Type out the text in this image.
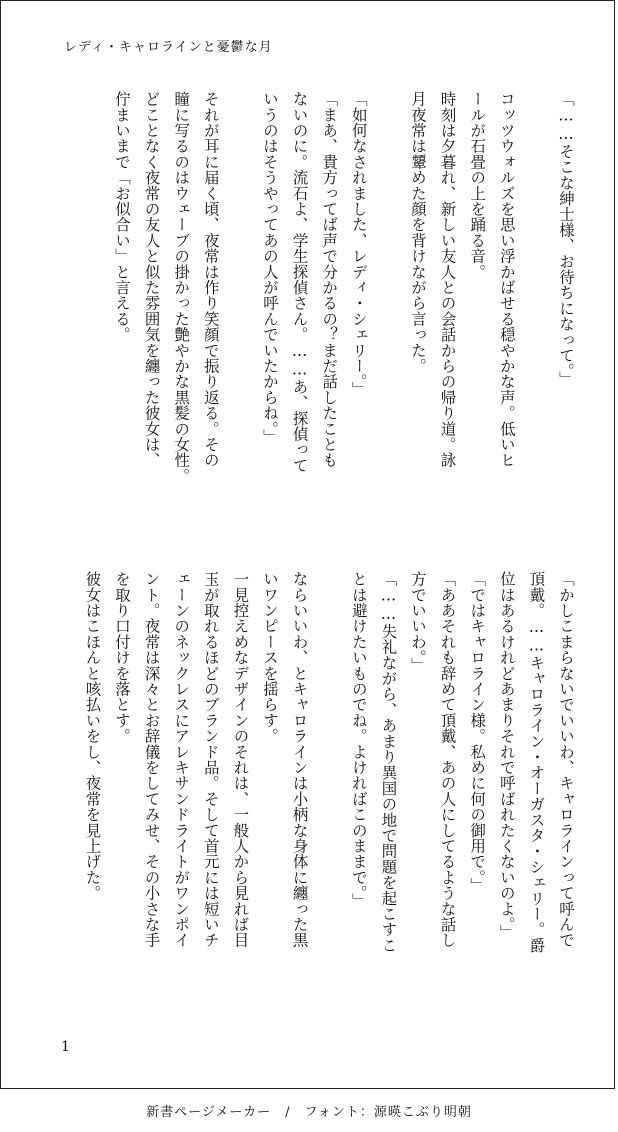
レディ・キャロラインと憂鬱な月
「……そこな紳士様、お待ちになって。」
コッツウォルズを思い浮かばせる穏やかな声。低いヒ
ールが石畳の上を踊る音。
時刻は夕暮れ、新しい友人との会話からの帰り道。詠
月夜常は顰めた顔を背けながら言った。
「如何なされました、レディ・シェリー。」
「まあ、貴方ってば声で分かるの？まだ話したことも
ないのに。流石よ、学生探偵さん。……あ、探偵って
いうのはそうやってあの人が呼んでいたからね。」
それが耳に届く頃、夜常は作り笑顔で振り返る。その
瞳に写るのはウェーブの掛かった艶やかな黒髪の女性。
どことなく夜常の友人と似た雰囲気を纏った彼女は、
佇まいまで「お似合い」と言える。
「かしこまらないでいいわ、キャロラインって呼んで
頂戴。……キャロライン・オーガスタ・シェリー。爵
位はあるけれどあまりそれで呼ばれたくないのよ。」
「ではキャロライン様。私めに何の御用で。」
「ああそれも辞めて頂戴、あの人にしてるような話し
方でいいわ。」
「……失礼ながら、あまり異国の地で問題を起こすこ
とは避けたいものでね。よければこのままで。」
ならいいわ、とキャロラインは小柄な身体に纏った黒
いワンピースを揺らす。
一見控えめなデザインのそれは、一般人から見れば目
玉が取れるほどのブランド品。そして首元には短いチ
ェーンのネックレスにアレキサンドライトがワンポイ
ント。夜常は深々とお辞儀をしてみせ、その小さな手
を取り口付けを落とす。
彼女はこほんと咳払いをし、夜常を見上げた。
1
新書ページメーカー　/　フォント：源暎こぶり明朝
